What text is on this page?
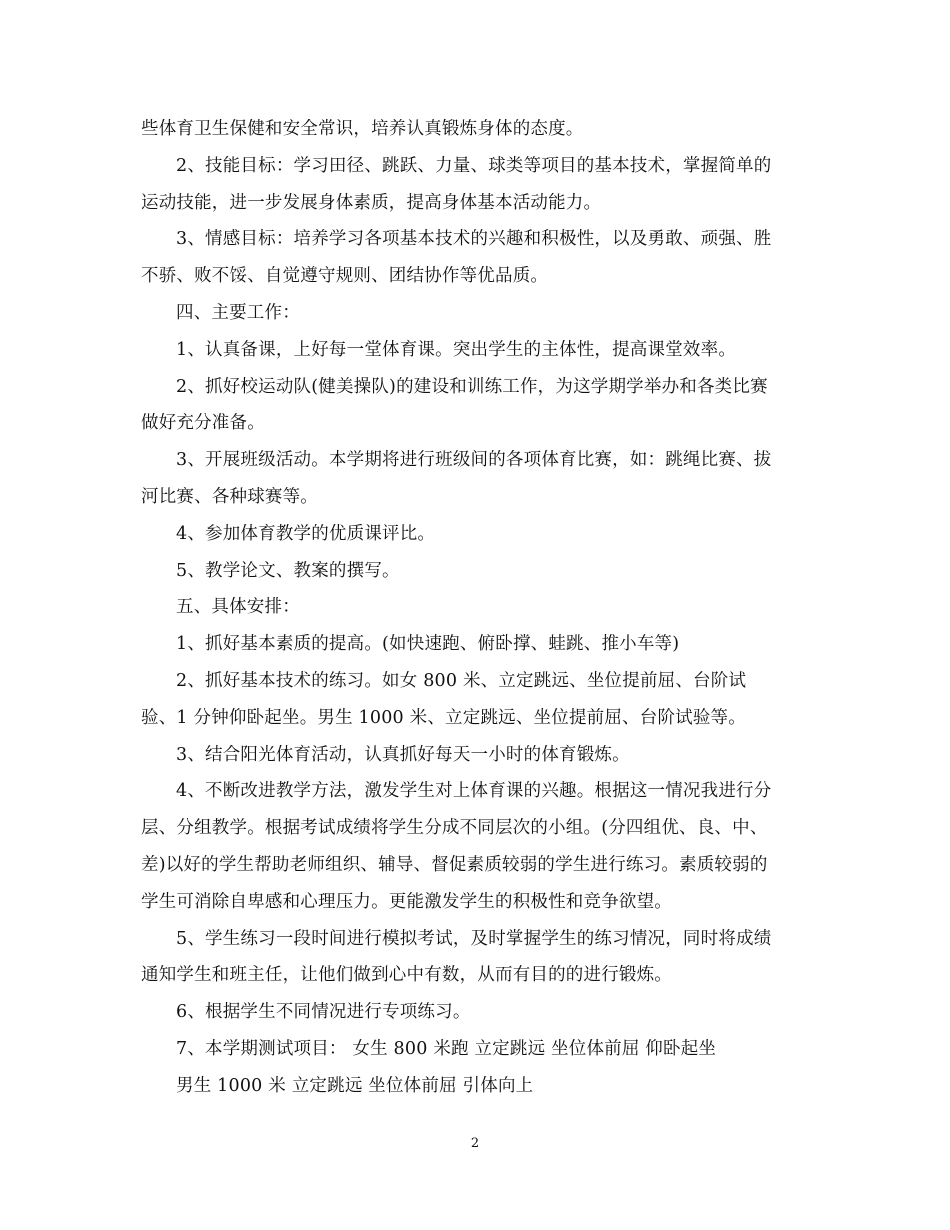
些体育卫生保健和安全常识，培养认真锻炼身体的态度。
2、技能目标：学习田径、跳跃、力量、球类等项目的基本技术，掌握简单的
运动技能，进一步发展身体素质，提高身体基本活动能力。
3、情感目标：培养学习各项基本技术的兴趣和积极性，以及勇敢、顽强、胜
不骄、败不馁、自觉遵守规则、团结协作等优品质。
四、主要工作：
1、认真备课，上好每一堂体育课。突出学生的主体性，提高课堂效率。
2、抓好校运动队(健美操队)的建设和训练工作，为这学期学举办和各类比赛
做好充分准备。
3、开展班级活动。本学期将进行班级间的各项体育比赛，如：跳绳比赛、拔
河比赛、各种球赛等。
4、参加体育教学的优质课评比。
5、教学论文、教案的撰写。
五、具体安排：
1、抓好基本素质的提高。(如快速跑、俯卧撑、蛙跳、推小车等)
2、抓好基本技术的练习。如女 800 米、立定跳远、坐位提前屈、台阶试
验、1 分钟仰卧起坐。男生 1000 米、立定跳远、坐位提前屈、台阶试验等。
3、结合阳光体育活动，认真抓好每天一小时的体育锻炼。
4、不断改进教学方法，激发学生对上体育课的兴趣。根据这一情况我进行分
层、分组教学。根据考试成绩将学生分成不同层次的小组。(分四组优、良、中、
差)以好的学生帮助老师组织、辅导、督促素质较弱的学生进行练习。素质较弱的
学生可消除自卑感和心理压力。更能激发学生的积极性和竞争欲望。
5、学生练习一段时间进行模拟考试，及时掌握学生的练习情况，同时将成绩
通知学生和班主任，让他们做到心中有数，从而有目的的进行锻炼。
6、根据学生不同情况进行专项练习。
7、本学期测试项目： 女生 800 米跑 立定跳远 坐位体前屈 仰卧起坐
男生 1000 米 立定跳远 坐位体前屈 引体向上
2
